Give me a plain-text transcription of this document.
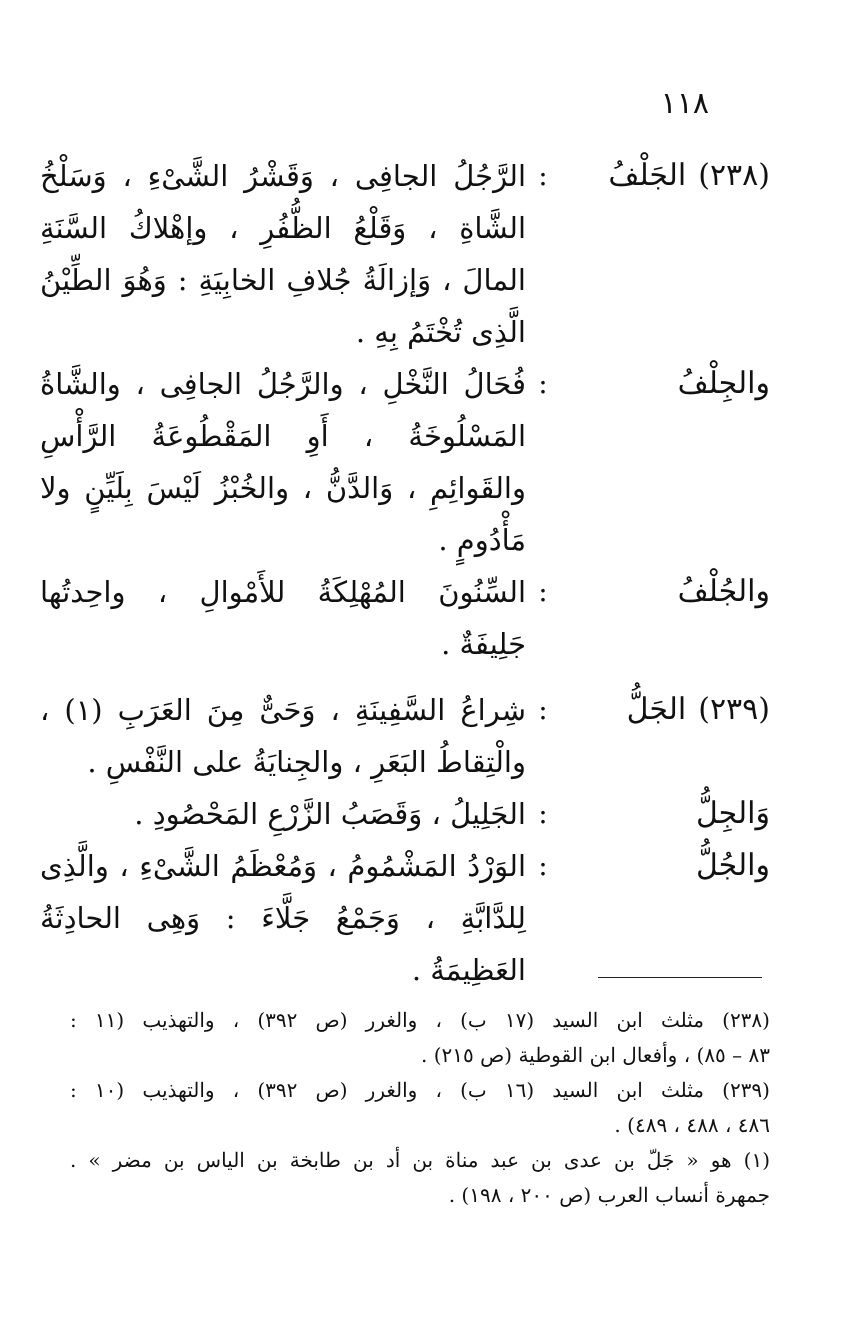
١١٨
(٢٣٨)الجَلْفُ
:
الرَّجُلُ الجافِى ، وَقَشْرُ الشَّىْءِ ، وَسَلْخُ
الشَّاةِ ، وَقَلْعُ الظُّفُرِ ، وإهْلاكُ السَّنَةِ
المالَ ، وَإزالَةُ جُلافِ الخابِيَةِ : وَهُوَ الطِّيْنُ
الَّذِى تُخْتَمُ بِهِ .
والجِلْفُ
:
فُحَالُ النَّخْلِ ، والرَّجُلُ الجافِى ، والشَّاةُ
المَسْلُوخَةُ ، أَوِ المَقْطُوعَةُ الرَّأْسِ
والقَوائِمِ ، وَالدَّنُّ ، والخُبْزُ لَيْسَ بِلَيِّنٍ ولا
مَأْدُومٍ .
والجُلْفُ
:
السِّنُونَ المُهْلِكَةُ للأَمْوالِ ، واحِدتُها
جَلِيفَةٌ .
(٢٣٩)الجَلُّ
:
شِراعُ السَّفِينَةِ ، وَحَىٌّ مِنَ العَرَبِ (١) ،
والْتِقاطُ البَعَرِ ، والجِنايَةُ على النَّفْسِ .
وَالجِلُّ
:
الجَلِيلُ ، وَقَصَبُ الزَّرْعِ المَحْصُودِ .
والجُلُّ
:
الوَرْدُ المَشْمُومُ ، وَمُعْظَمُ الشَّىْءِ ، والَّذِى
لِلدَّابَّةِ ، وَجَمْعُ جَلَّاءَ : وَهِى الحادِثَةُ
العَظِيمَةُ .
(٢٣٨) مثلث ابن السيد (١٧ ب) ، والغرر (ص ٣٩٢) ، والتهذيب (١١ :
٨٣ – ٨٥) ، وأفعال ابن القوطية (ص ٢١٥) .
(٢٣٩) مثلث ابن السيد (١٦ ب) ، والغرر (ص ٣٩٢) ، والتهذيب (١٠ :
٤٨٦ ، ٤٨٨ ، ٤٨٩) .
(١) هو « جَلّ بن عدى بن عبد مناة بن أد بن طابخة بن الياس بن مضر » .
جمهرة أنساب العرب (ص ٢٠٠ ، ١٩٨) .
